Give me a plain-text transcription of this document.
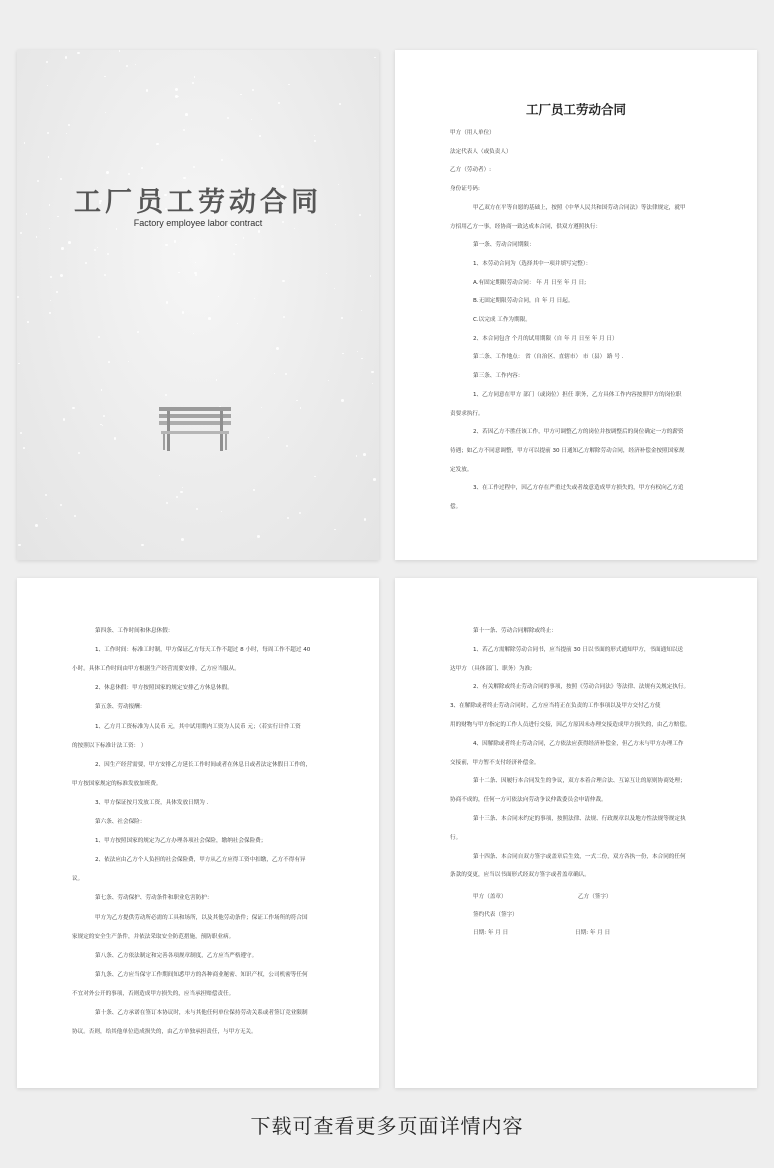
工厂员工劳动合同
Factory employee labor contract
工厂员工劳动合同
甲方（用人单位）
法定代表人（或负责人）
乙方（劳动者）:
身份证号码:
甲乙双方在平等自愿的基础上，按照《中华人民共和国劳动合同法》等法律规定，就甲
方招用乙方一事，经协商一致达成本合同，供双方遵照执行：
第一条、劳动合同期限：
1、本劳动合同为（选择其中一项并填写完整）：
A.有固定期限劳动合同： 年 月 日至 年 月 日;
B.无固定期限劳动合同，自 年 月 日起。
C.以完成 工作为期限。
2、本合同包含 个月的试用期限（自 年 月 日至 年 月 日）
第二条、工作地点： 省（自治区、直辖市） 市（县） 路 号 .
第三条、工作内容：
1、乙方同意在甲方 部门（或岗位）担任 职务，乙方具体工作内容按照甲方的岗位职
责要求执行。
2、若因乙方不胜任该工作，甲方可调整乙方的岗位并按调整后的岗位确定一方的薪资
待遇；如乙方不同意调整，甲方可以提前 30 日通知乙方解除劳动合同，经济补偿金按照国家规
定发放。
3、在工作过程中，因乙方存在严重过失或者故意造成甲方损失的，甲方有权向乙方追
偿。
第四条、工作时间和休息休假：
1、工作时间：标准工时制，甲方保证乙方每天工作不超过 8 小时，每周工作不超过 40
小时。具体工作时间由甲方根据生产经营需要安排，乙方应当服从。
2、休息休假：甲方按照国家的规定安排乙方休息休假。
第五条、劳动报酬：
1、乙方月工资标准为人民币 元，其中试用期内工资为人民币 元；（若实行计件工资
的按照以下标准计法工资： ）
2、因生产经营需要，甲方安排乙方延长工作时间或者在休息日或者法定休假日工作的，
甲方按国家规定的标准发放加班费。
3、甲方保证按月发放工资，具体发放日期为 .
第六条、社会保险：
1、甲方按照国家的规定为乙方办理各项社会保险，缴纳社会保险费；
2、依法应由乙方个人负担的社会保险费，甲方从乙方应得工资中扣缴，乙方不得有异
议。
第七条、劳动保护、劳动条件和职业危害防护：
甲方为乙方提供劳动所必需的工具和场所，以及其他劳动条件；保证工作场所的符合国
家规定的安全生产条件，并依法采取安全防范措施，预防职业病。
第八条、乙方依法制定和完善各项规章制度，乙方应当严格遵守。
第九条、乙方应当保守工作期间知悉甲方的各种商业秘密、知识产权，公司机密等任何
不宜对外公开的事项，否则造成甲方损失的，应当承担赔偿责任。
第十条、乙方承诺在签订本协议时，未与其他任何单位保持劳动关系或者签订竞业限制
协议。否则，给其他单位造成损失的，由乙方单独承担责任，与甲方无关。
第十一条、劳动合同解除或终止：
1、若乙方需解除劳动合同书，应当提前 30 日以书面的形式通知甲方，书面通知以送
达甲方 （具体部门、职务）为准;
2、有关解除或终止劳动合同的事项，按照《劳动合同法》等法律、法规有关规定执行。
3、在解除或者终止劳动合同时，乙方应当将正在负责的工作事项以及甲方交付乙方使
用的财物与甲方指定的工作人员进行交接，因乙方原因未办理交接造成甲方损失的，由乙方赔偿。
4、因解除或者终止劳动合同，乙方依法应获得经济补偿金，但乙方未与甲方办理工作
交接前，甲方暂不支付经济补偿金。
第十二条、因履行本合同发生的争议，双方本着合理合法、互谅互让的原则协商处理；
协商不成的，任何一方可依法向劳动争议仲裁委员会申请仲裁。
第十三条、本合同未约定的事项，按照法律、法规、行政规章以及地方性法规等规定执
行。
第十四条、本合同自双方签字或盖章后生效，一式二份，双方各执一份，本合同的任何
条款的变更，应当以书面形式经双方签字或者盖章确认。
甲方（盖章）	乙方（签字）
签约代表（签字）
日期: 年 月 日	日期: 年 月 日
下载可查看更多页面详情内容
